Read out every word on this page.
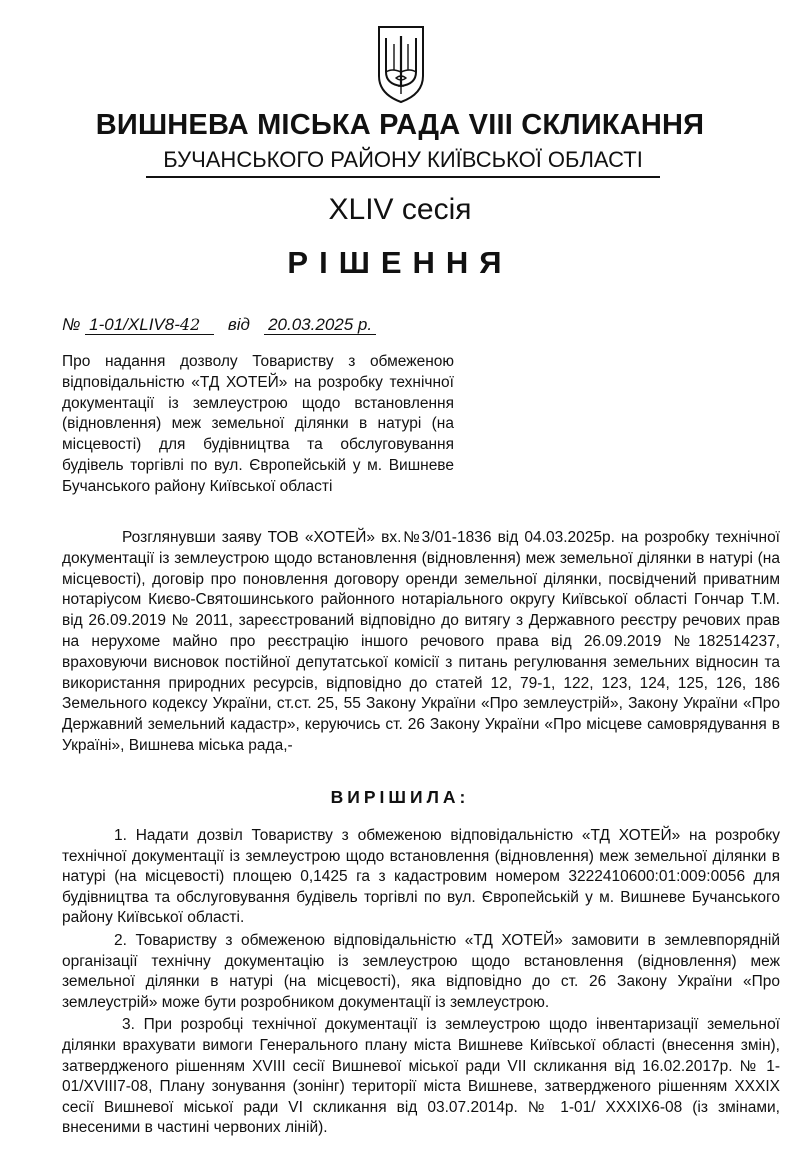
ВИШНЕВА МІСЬКА РАДА VIII СКЛИКАННЯ
БУЧАНСЬКОГО РАЙОНУ КИЇВСЬКОЇ ОБЛАСТІ
XLIV сесія
РІШЕННЯ
№ 1-01/XLIV8-42 від 20.03.2025 р.
Про надання дозволу Товариству з обмеженою
відповідальністю «ТД ХОТЕЙ» на розробку технічної
документації із землеустрою щодо встановлення
(відновлення) меж земельної ділянки в натурі (на
місцевості) для будівництва та обслуговування
будівель торгівлі по вул. Європейській у м. Вишневе
Бучанського району Київської області
Розглянувши заяву ТОВ «ХОТЕЙ» вх.№3/01-1836 від 04.03.2025р. на розробку технічної документації із землеустрою щодо встановлення (відновлення) меж земельної ділянки в натурі (на місцевості), договір про поновлення договору оренди земельної ділянки, посвідчений приватним нотаріусом Києво-Святошинського районного нотаріального округу Київської області Гончар Т.М. від 26.09.2019 № 2011, зареєстрований відповідно до витягу з Державного реєстру речових прав на нерухоме майно про реєстрацію іншого речового права від 26.09.2019 №182514237, враховуючи висновок постійної депутатської комісії з питань регулювання земельних відносин та використання природних ресурсів, відповідно до статей 12, 79-1, 122, 123, 124, 125, 126, 186 Земельного кодексу України, ст.ст. 25, 55 Закону України «Про землеустрій», Закону України «Про Державний земельний кадастр», керуючись ст. 26 Закону України «Про місцеве самоврядування в Україні», Вишнева міська рада,-
ВИРІШИЛА:

1. Надати дозвіл Товариству з обмеженою відповідальністю «ТД ХОТЕЙ» на розробку технічної документації із землеустрою щодо встановлення (відновлення) меж земельної ділянки в натурі (на місцевості) площею 0,1425 га з кадастровим номером 3222410600:01:009:0056 для будівництва та обслуговування будівель торгівлі по вул. Європейській у м. Вишневе Бучанського району Київської області.

2. Товариству з обмеженою відповідальністю «ТД ХОТЕЙ» замовити в землевпорядній організації технічну документацію із землеустрою щодо встановлення (відновлення) меж земельної ділянки в натурі (на місцевості), яка відповідно до ст. 26 Закону України «Про землеустрій» може бути розробником документації із землеустрою.

3. При розробці технічної документації із землеустрою щодо інвентаризації земельної ділянки врахувати вимоги Генерального плану міста Вишневе Київської області (внесення змін), затвердженого рішенням XVIII сесії Вишневої міської ради VII скликання від 16.02.2017р. № 1-01/XVIII7-08, Плану зонування (зонінг) території міста Вишневе, затвердженого рішенням XXXIX сесії Вишневої міської ради VI скликання від 03.07.2014р. № 1-01/ XXXIX6-08 (із змінами, внесеними в частині червоних ліній).
